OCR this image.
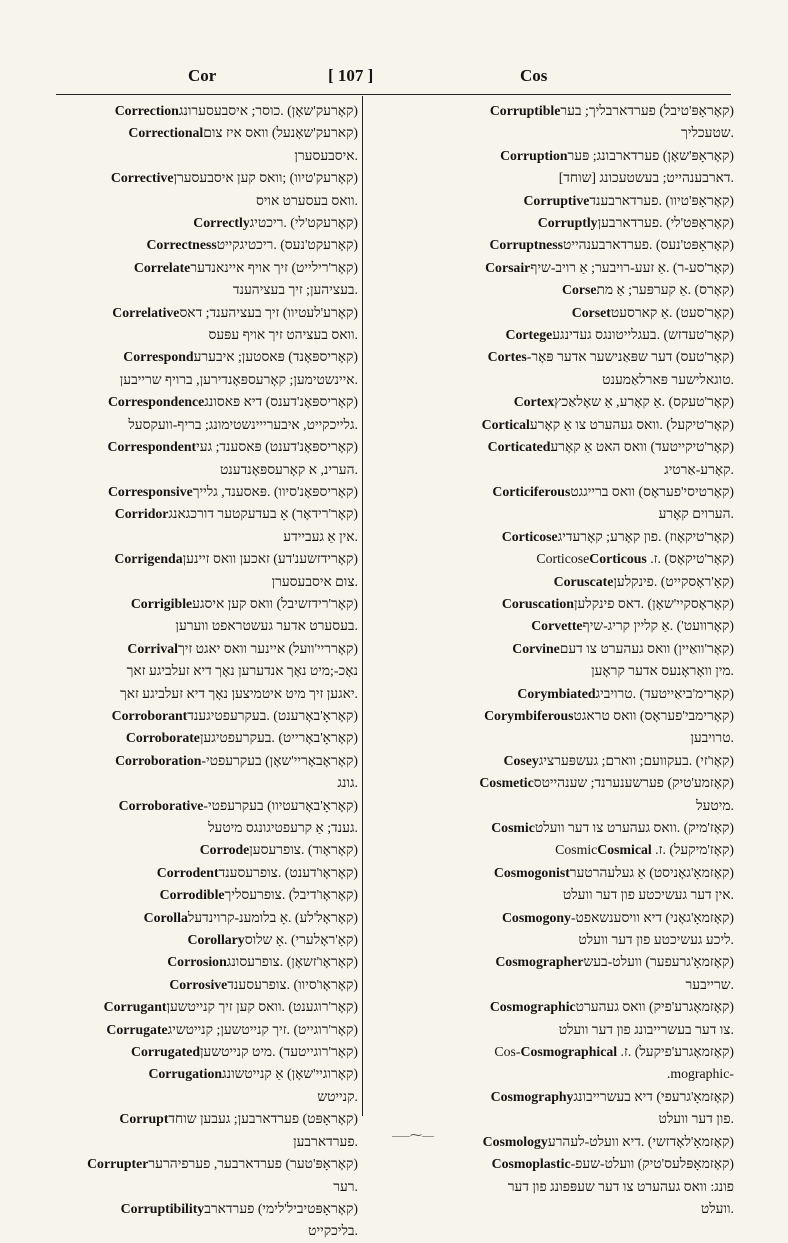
Cor	[ 107 ]	Cos
(קאָרעק'שאָן) .כוסר; איסבעסערונגCorrection
(קארעק'שאָנעל) וואס איז צוםCorrectional
.איסבעסערן
(קאָרעק'טיוו) ;וואס קען איסבעסערןCorrective
.וואס בעסערט אויס
(קאָרעקט'לי) .ריכטיגCorrectly
(קאָרעקט'נעס) .ריכטיגקייטCorrectness
(קאָר'רילייט) זיך אויף איינאנדערCorrelate
.בעציהען; זיך בעציהענד
(קאָרע'לעטיוו) זיך בעציהענד; דאסCorrelative
.וואס בעציהט זיך אויף עפּעס
(קאָריספּאָנד) פּאסטען; איבערעCorrespond
.איינשטימען; קאָרעספּאָנדירען, ברויף שרייבען
(קאָריספּאָנ'דענס) דיא פּאסונגCorrespondence
.גלייכקייט, איבערייינשטימונג; בריף-וועקסעל
(קאָריספּאָנ'דענט) פּאסענד; געיCorrespondent
.הערינ, א קאָרעספּאָנדענט
(קאָריספּאָנ'סיוו) .פּאסענד, גלייךCorresponsive
(קאָר'רידאָר) אָ בעדעקטער דורכגאנגCorridor
.אין אַ געביידע
(קאָרידזשענ'דע) זאכען וואס זיינעןCorrigenda
.צום איסבעסערן
(קאָר'רידזשיבל) וואס קען איסגעCorrigible
.בעסערט אדער געשטראפט ווערען
(קאָרריי'וועל) איינער וואס יאגט זיךCorrival
נאָכ-;מיט נאָך אנדערען נאָך דיא זעלביגע זאך
.יאגען זיך מיט איטמיצען נאָך דיא זעלביגע זאך
(קאָראָ'באָרענט) .בעקרעפטיגענדCorroborant
(קאָראָ'באָרייט) .בעקרעפטיגעןCorroborate
(קאָראָבאָריי'שאָן) בעקרעפטי-Corroboration
.גונג
(קאָראָ'באָרעטיוו) בעקרעפטי-Corroborative
.גענד; אַ קרעפטיגונגס מיטעל
(קאָראָוד) .צופרעסעןCorrode
(קאָראָו'דענט) .צופרעסענדCorrodent
(קאָראָו'דיבל) .צופרעסליךCorrodible
(קאָראָל'לע) .אָ בלומענ-קרוינדעלCorolla
(קאָ'ראָלערי) .אָ שלוסCorollary
(קאָראָו'זשאָן) .צופרעסונגCorrosion
(קאָראָו'סיוו) .צופרעסענדCorrosive
(קאָר'רוגענט) .וואס קען זיך קנייטשעןCorrugant
(קאָר'רוגייט) .זיך קנייטשען; קנייטשיגCorrugate
(קאָר'רוגייטעד) .מיט קנייטשעןCorrugated
(קאָרוגיי'שאָן) אַ קנייטשונגCorrugation
.קנייטש
(קאָראָפּט) פערדארבען; געבען שוחדCorrupt
.פערדארבען
(קאָראָפּ'טער) פערדארבער, פערפיהרערCorrupter
.רער
(קאָראָפּטיביל'לימי) פערדארבCorruptibility
.בליכקייט
(קאָראָפּ'טיבל) פערדארבליך; בערCorruptible
.שטעכליך
(קאָראָפּ'שאָן) פערדארבונג; פּערCorruption
.דארבענהייט; בעשטעכונג [שוחד]
(קאָראָפּ'טיוו) .פערדארבענדCorruptive
(קאָראָפּט'לי) .פערדארבעןCorruptly
(קאָראָפּט'נעס) .פערדארבענהייטCorruptness
(קאָר'סע-ר) .אַ זעע-רויבער; אַ רויב-שיףCorsair
(קאָרס) .אַ קערפּער; אַ מתCorse
(קאָר'סעט) .אַ קארסעטCorset
(קאָר'טעדזש) .בעגלייטונגס געדינגעCortege
(קאָר'טעס) דער שפּאַנישער אדער פּאָר-Cortes
.טוגאלישער פּארלאַמענט
(קאָר'טעקס) .אַ קאָרע, אַ שאָלאַכץCortex
(קאָר'טיקעל) .וואס געהערט צו אַ קאָרעCortical
(קאָר'טיקייטעד) וואס האט אַ קאָרעCorticated
.קאָרע-אַרטיג
(קאָרטיסי'פעראָס) וואס ברייגגטCorticiferous
.הערוים קאָרע
(קאָר'טיקאָוז) .פון קאָרע; קאָרעדיגCorticose
(קאָר'טיקאָס) .ז. CorticoseCorticous
(קאָ'ראָסקייט) .פינקלעןCoruscate
(קאָראָסקיי'שאָן) .דאס פינקלעןCoruscation
(קאָרוועט') .אַ קליין קריג-שיףCorvette
(קאָר'וואַיין) וואס געהערט צו דעםCorvine
.מין וואָראָנעס אדער קראָען
(קאָרימ'ביאַייטעד) .טרויביגCorymbiated
(קאָרימבי'פעראָס) וואס טראגטCorymbiferous
.טרויבען
(קאָו'זי) .בעקוועם; ווארם; געשפּערציגCosey
(קאָזמע'טיק) פערשענערנד; שענהייטסCosmetic
.מיטעל
(קאָז'מיק) .וואס געהערט צו דער וועלטCosmic
(קאָז'מיקעל) .ז. CosmicCosmical
(קאָזמאָ'גאָניסט) אַ געלעהרטערCosmogonist
.אין דער געשיכטע פון דער וועלט
(קאָזמאָ'גאָני) דיא וויסענשאפט-Cosmogony
.ליכע געשיכטע פון דער וועלט
(קאָזמאָ'גרעפער) וועלט-בעשCosmographer
.שרייבער
(קאָזמאָגרע'פיק) וואס געהערטCosmographic
.צו דער בעשרייבונג פון דער וועלט
(קאָזמאָגרע'פיקעל) .ז. Cos-Cosmographical
-mographic.
(קאָזמאָ'גרעפי) דיא בעשרייבונגCosmography
.פון דער וועלט
(קאָזמאָ'לאָדזשי) .דיא וועלט-לעהרעCosmology
(קאָזמאָפּלעס'טיק) וועלט-שעפ-Cosmoplastic
פונג: וואס געהערט צו דער שעפּפונג פון דער
.וועלט
—–⁓—
